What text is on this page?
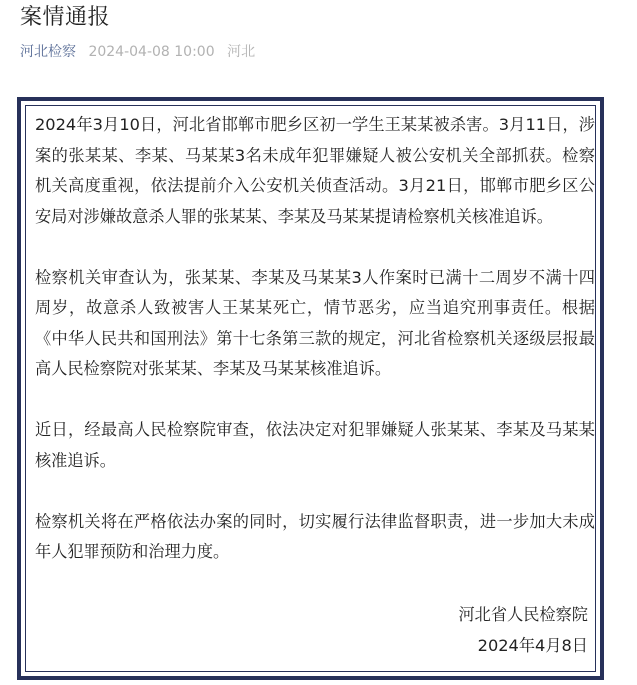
案情通报
河北检察 2024-04-08 10:00 河北

2024年3月10日，河北省邯郸市肥乡区初一学生王某某被杀害。3月11日，涉案的张某某、李某、马某某3名未成年犯罪嫌疑人被公安机关全部抓获。检察机关高度重视，依法提前介入公安机关侦查活动。3月21日，邯郸市肥乡区公安局对涉嫌故意杀人罪的张某某、李某及马某某提请检察机关核准追诉。

检察机关审查认为，张某某、李某及马某某3人作案时已满十二周岁不满十四周岁，故意杀人致被害人王某某死亡，情节恶劣，应当追究刑事责任。根据《中华人民共和国刑法》第十七条第三款的规定，河北省检察机关逐级层报最高人民检察院对张某某、李某及马某某核准追诉。

近日，经最高人民检察院审查，依法决定对犯罪嫌疑人张某某、李某及马某某核准追诉。

检察机关将在严格依法办案的同时，切实履行法律监督职责，进一步加大未成年人犯罪预防和治理力度。

河北省人民检察院
2024年4月8日
